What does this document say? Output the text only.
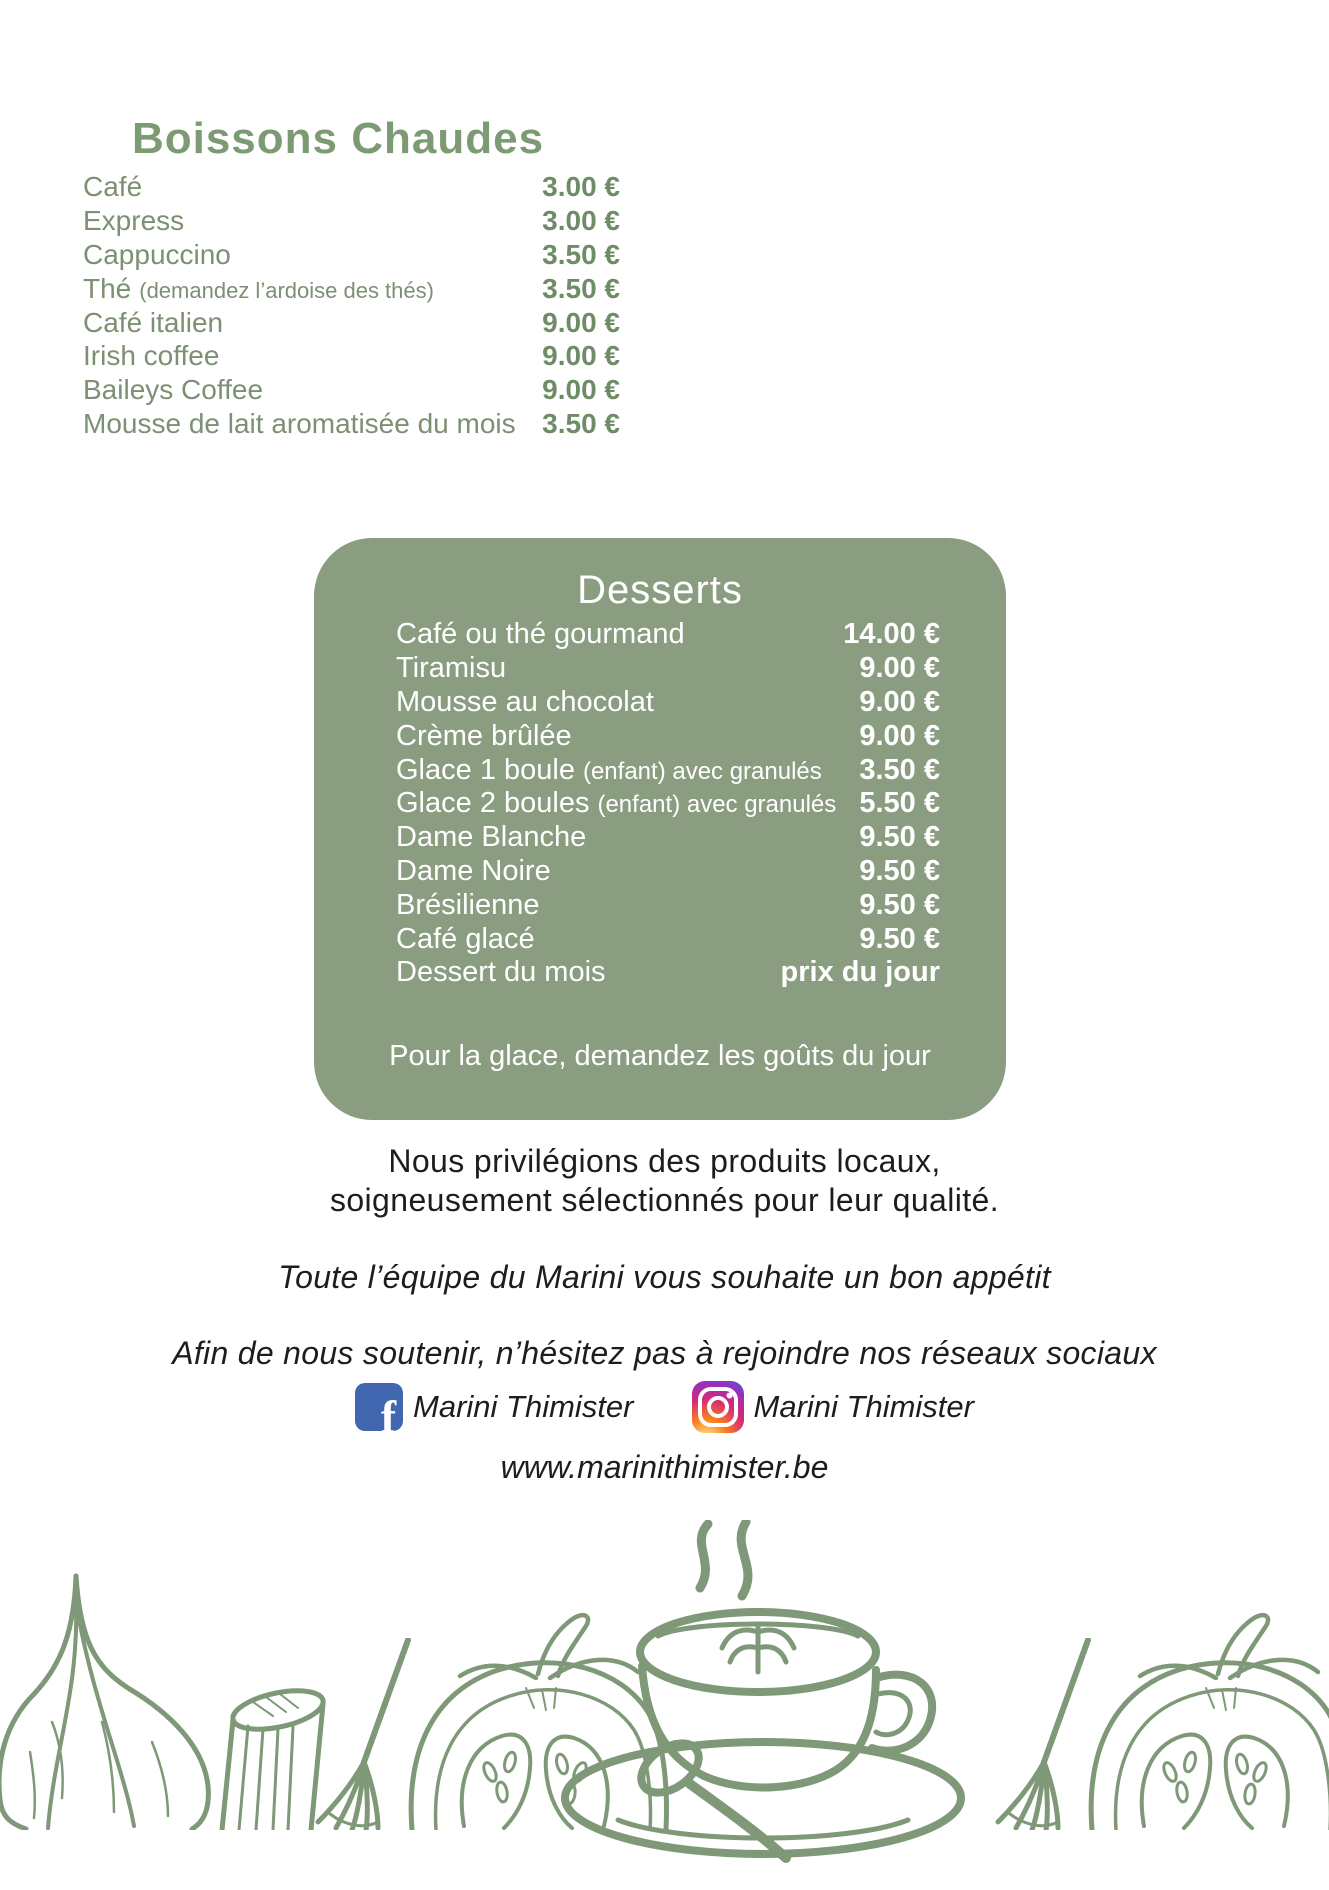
Boissons Chaudes
Café	3.00 €
Express	3.00 €
Cappuccino	3.50 €
Thé (demandez l’ardoise des thés)	3.50 €
Café italien	9.00 €
Irish coffee	9.00 €
Baileys Coffee	9.00 €
Mousse de lait aromatisée du mois 3.50 €
Desserts
Café ou thé gourmand	14.00 €
Tiramisu	9.00 €
Mousse au chocolat	9.00 €
Crème brûlée	9.00 €
Glace 1 boule (enfant) avec granulés 3.50 €
Glace 2 boules (enfant) avec granulés 5.50 €
Dame Blanche	9.50 €
Dame Noire	9.50 €
Brésilienne	9.50 €
Café glacé	9.50 €
Dessert du mois	prix du jour

Pour la glace, demandez les goûts du jour

Nous privilégions des produits locaux,
soigneusement sélectionnés pour leur qualité.

Toute l’équipe du Marini vous souhaite un bon appétit

Afin de nous soutenir, n’hésitez pas à rejoindre nos réseaux sociaux

f Marini Thimister	Marini Thimister

www.marinithimister.be
